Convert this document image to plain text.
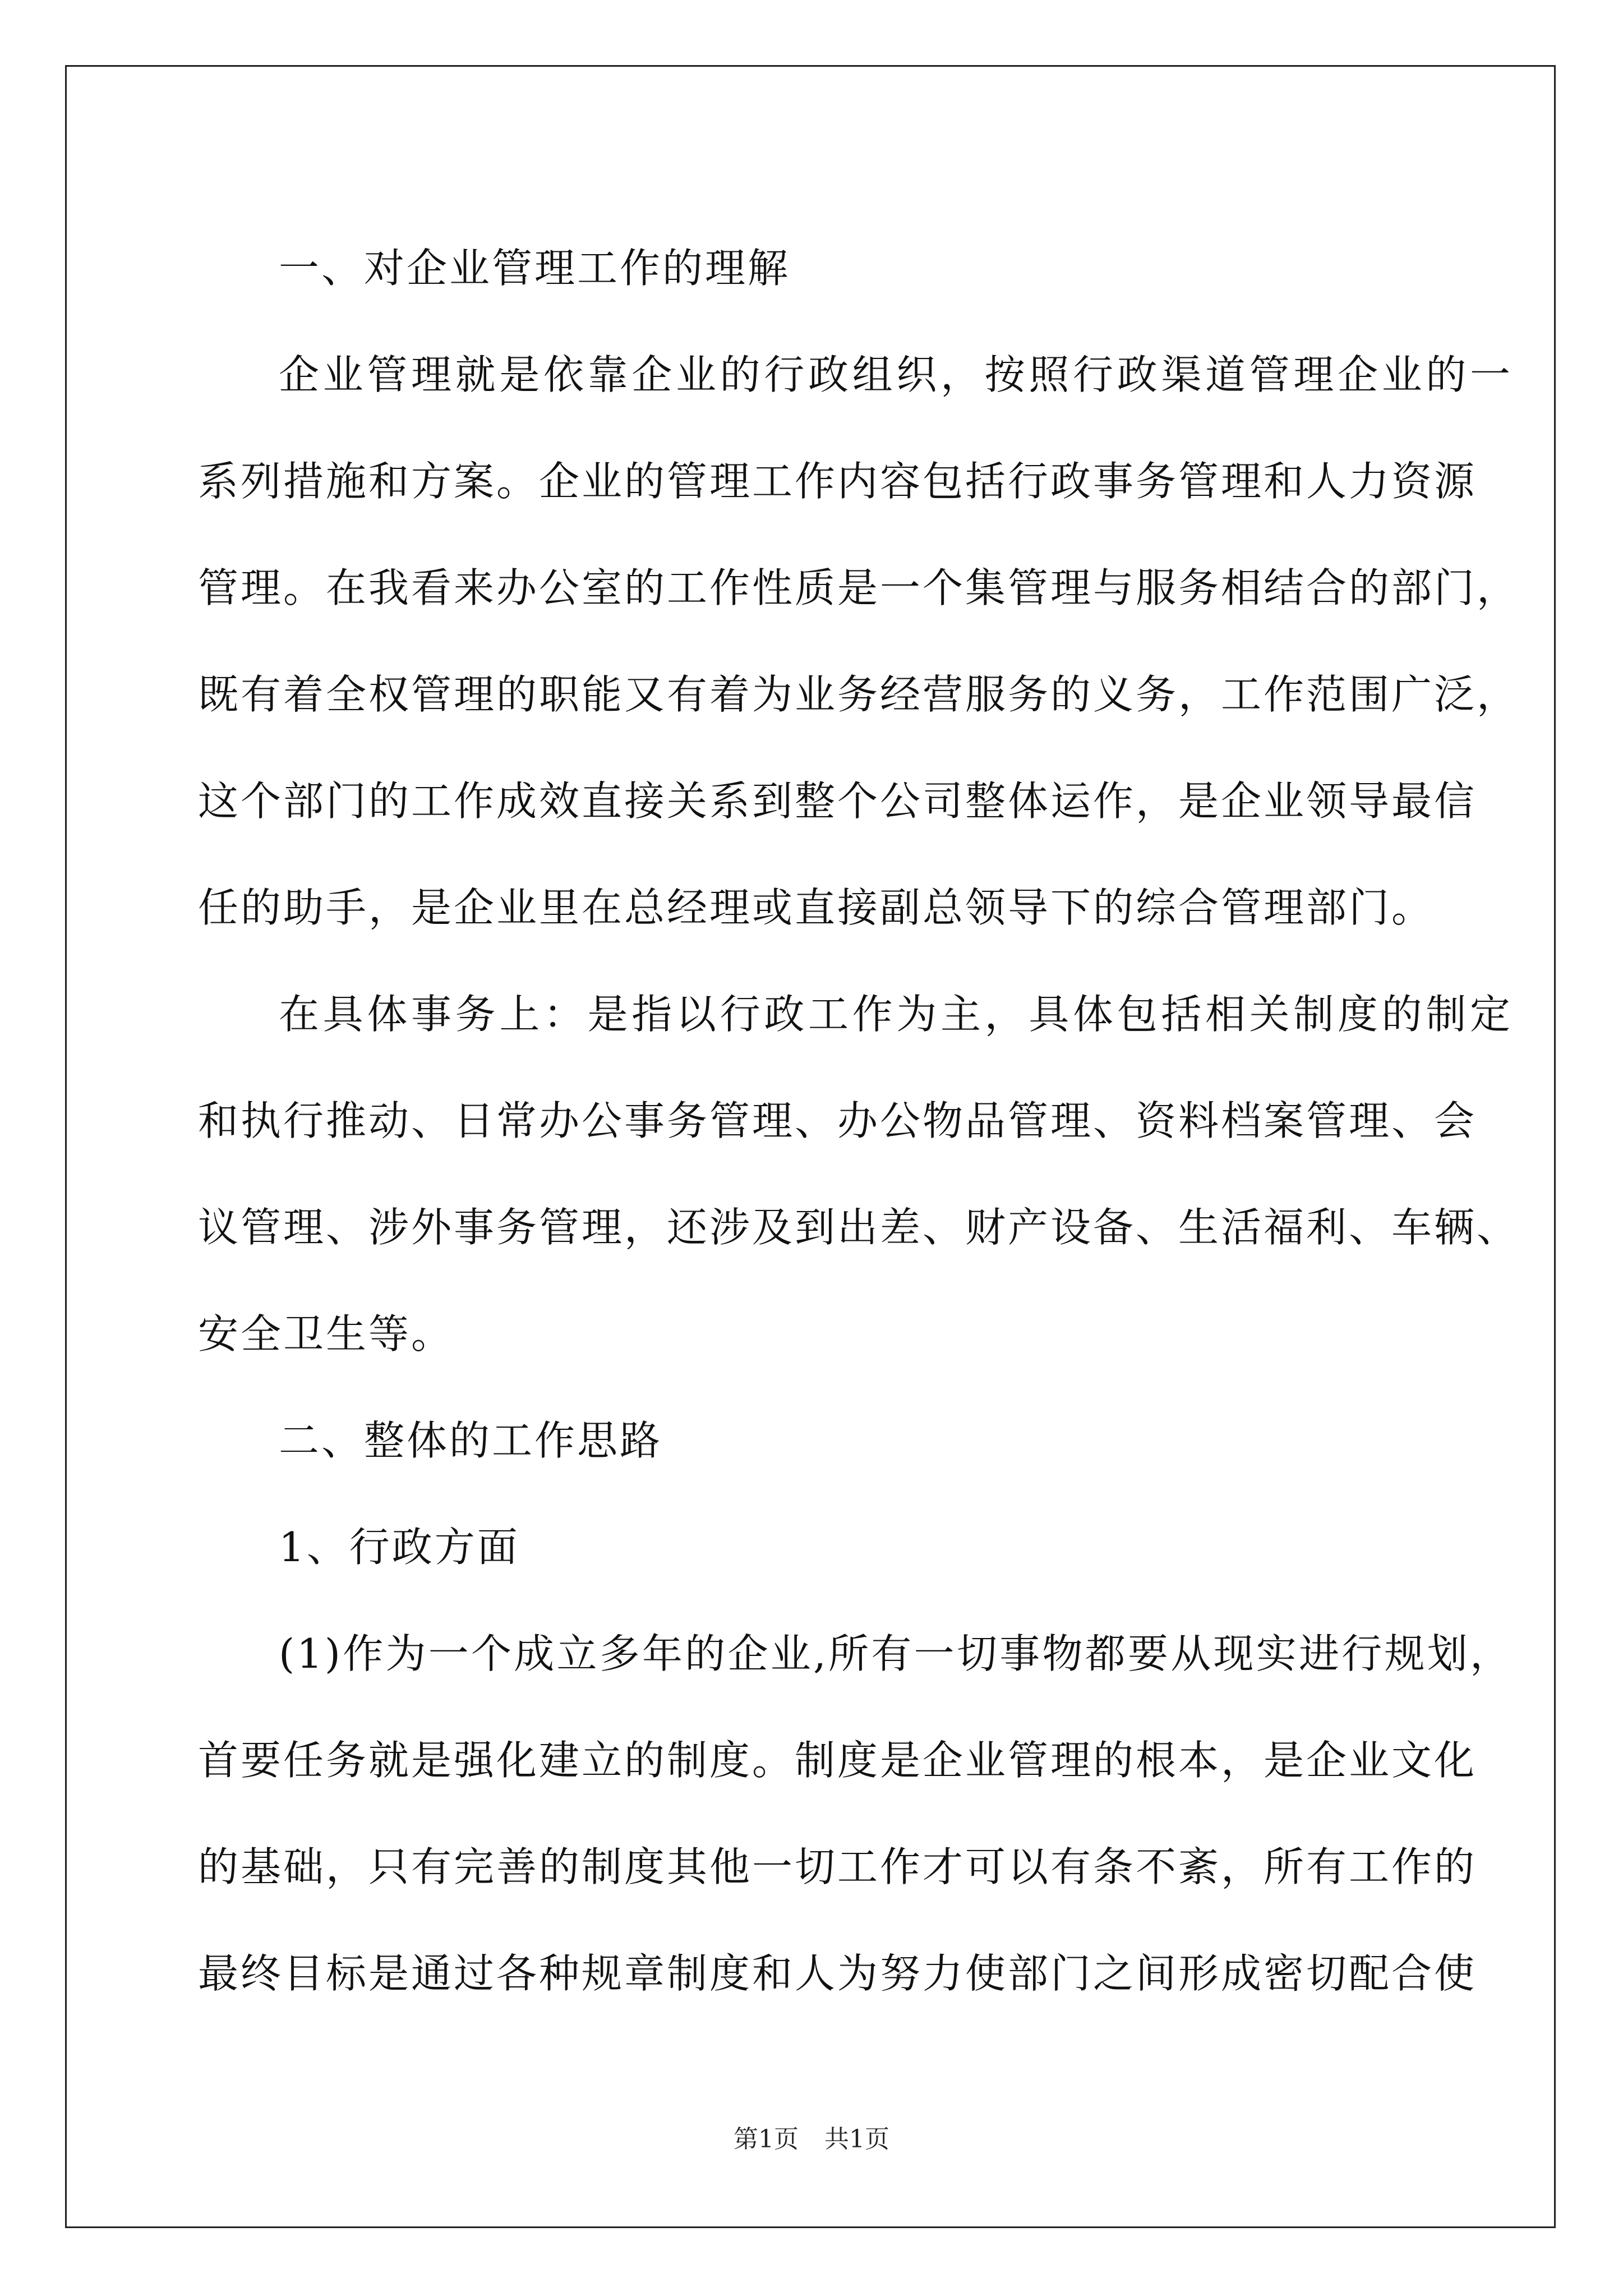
一、对企业管理工作的理解
企业管理就是依靠企业的行政组织，按照行政渠道管理企业的一
系列措施和方案。企业的管理工作内容包括行政事务管理和人力资源
管理。在我看来办公室的工作性质是一个集管理与服务相结合的部门，
既有着全权管理的职能又有着为业务经营服务的义务，工作范围广泛，
这个部门的工作成效直接关系到整个公司整体运作，是企业领导最信
任的助手，是企业里在总经理或直接副总领导下的综合管理部门。
在具体事务上：是指以行政工作为主，具体包括相关制度的制定
和执行推动、日常办公事务管理、办公物品管理、资料档案管理、会
议管理、涉外事务管理，还涉及到出差、财产设备、生活福利、车辆、
安全卫生等。
二、整体的工作思路
1、行政方面
(1)作为一个成立多年的企业,所有一切事物都要从现实进行规划，
首要任务就是强化建立的制度。制度是企业管理的根本，是企业文化
的基础，只有完善的制度其他一切工作才可以有条不紊，所有工作的
最终目标是通过各种规章制度和人为努力使部门之间形成密切配合使
第1页 共1页
